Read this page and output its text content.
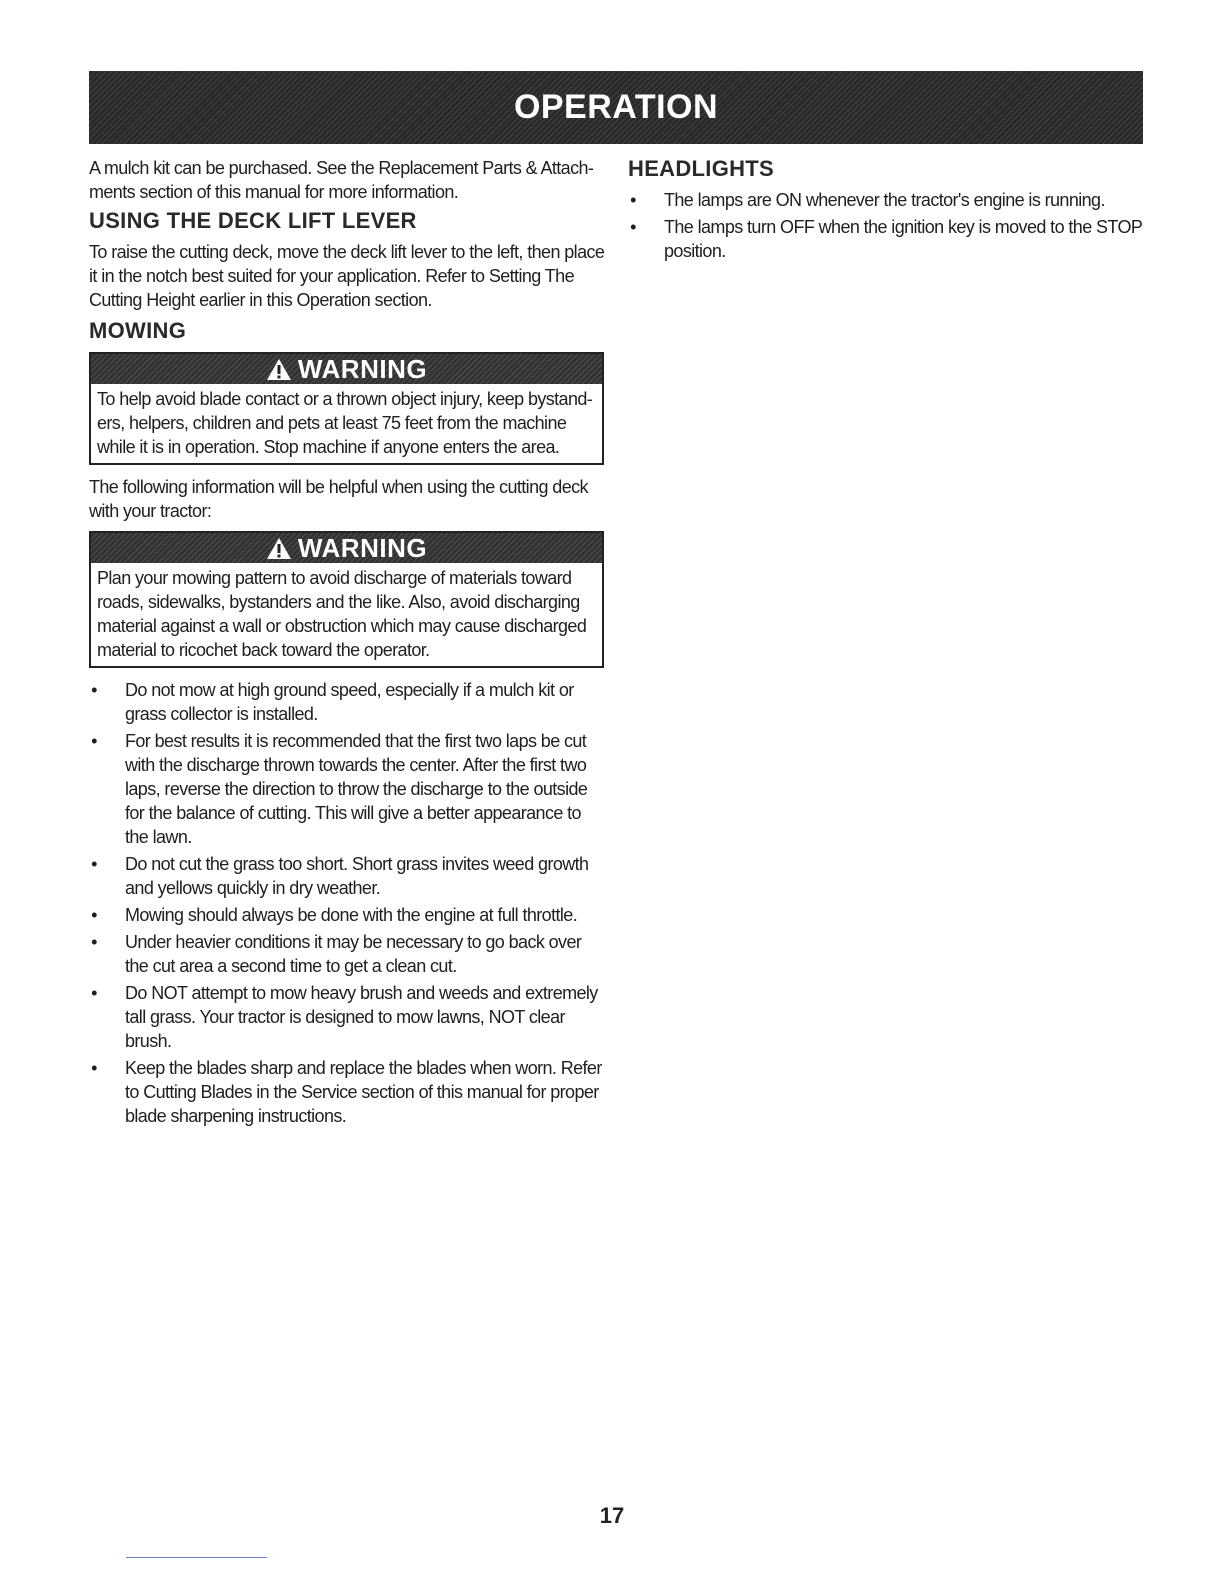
OPERATION

A mulch kit can be purchased. See the Replacement Parts & Attach- ments section of this manual for more information.

USING THE DECK LIFT LEVER

To raise the cutting deck, move the deck lift lever to the left, then place it in the notch best suited for your application. Refer to Setting The Cutting Height earlier in this Operation section.

MOWING
WARNING

To help avoid blade contact or a thrown object injury, keep bystand- ers, helpers, children and pets at least 75 feet from the machine while it is in operation. Stop machine if anyone enters the area.

The following information will be helpful when using the cutting deck with your tractor:

WARNING

Plan your mowing pattern to avoid discharge of materials toward roads, sidewalks, bystanders and the like. Also, avoid discharging material against a wall or obstruction which may cause discharged material to ricochet back toward the operator.

• Do not mow at high ground speed, especially if a mulch kit or grass collector is installed.
• For best results it is recommended that the first two laps be cut with the discharge thrown towards the center. After the first two laps, reverse the direction to throw the discharge to the outside for the balance of cutting. This will give a better appearance to the lawn.
• Do not cut the grass too short. Short grass invites weed growth and yellows quickly in dry weather.
• Mowing should always be done with the engine at full throttle.
• Under heavier conditions it may be necessary to go back over the cut area a second time to get a clean cut.
• Do NOT attempt to mow heavy brush and weeds and extremely tall grass. Your tractor is designed to mow lawns, NOT clear brush.
• Keep the blades sharp and replace the blades when worn. Refer to Cutting Blades in the Service section of this manual for proper blade sharpening instructions.
HEADLIGHTS
• The lamps are ON whenever the tractor's engine is running.
• The lamps turn OFF when the ignition key is moved to the STOP position.
17
